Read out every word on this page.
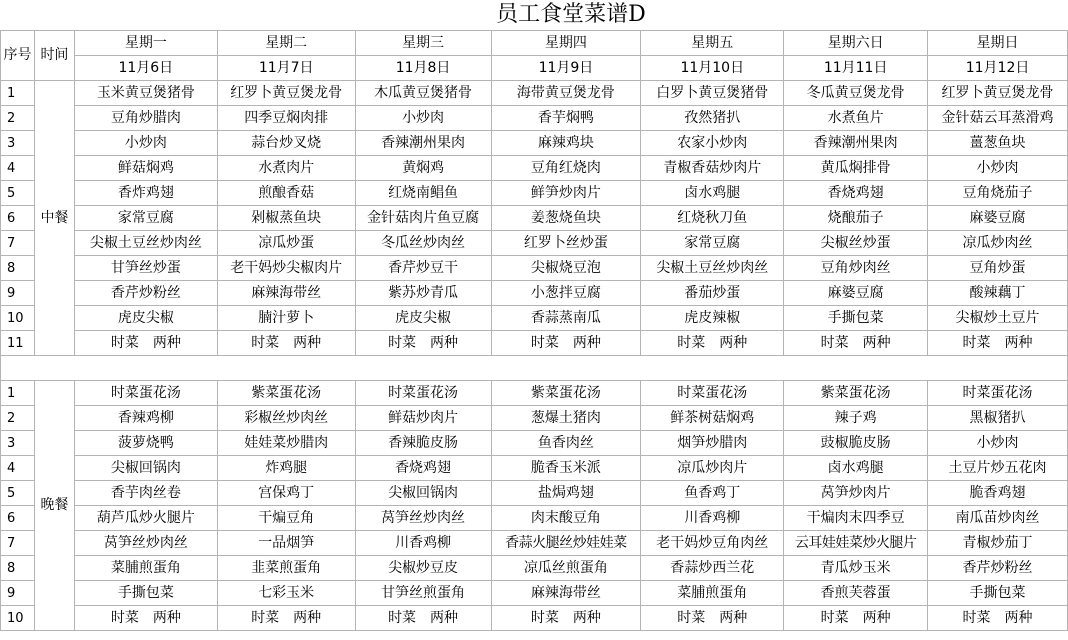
员工食堂菜谱D
序号	时间	星期一	星期二	星期三	星期四	星期五	星期六日	星期日
		11月6日	11月7日	11月8日	11月9日	11月10日	11月11日	11月12日
1	中餐	玉米黄豆煲猪骨	红罗卜黄豆煲龙骨	木瓜黄豆煲猪骨	海带黄豆煲龙骨	白罗卜黄豆煲猪骨	冬瓜黄豆煲龙骨	红罗卜黄豆煲龙骨
2		豆角炒腊肉	四季豆焖肉排	小炒肉	香芋焖鸭	孜然猪扒	水煮鱼片	金针菇云耳蒸滑鸡
3		小炒肉	蒜台炒叉烧	香辣潮州果肉	麻辣鸡块	农家小炒肉	香辣潮州果肉	薑葱鱼块
4		鲜菇焖鸡	水煮肉片	黄焖鸡	豆角红烧肉	青椒香菇炒肉片	黄瓜焖排骨	小炒肉
5		香炸鸡翅	煎酿香菇	红烧南鲳鱼	鲜笋炒肉片	卤水鸡腿	香烧鸡翅	豆角烧茄子
6		家常豆腐	剁椒蒸鱼块	金针菇肉片鱼豆腐	姜葱烧鱼块	红烧秋刀鱼	烧酿茄子	麻婆豆腐
7		尖椒土豆丝炒肉丝	凉瓜炒蛋	冬瓜丝炒肉丝	红罗卜丝炒蛋	家常豆腐	尖椒丝炒蛋	凉瓜炒肉丝
8		甘笋丝炒蛋	老干妈炒尖椒肉片	香芹炒豆干	尖椒烧豆泡	尖椒土豆丝炒肉丝	豆角炒肉丝	豆角炒蛋
9		香芹炒粉丝	麻辣海带丝	紫苏炒青瓜	小葱拌豆腐	番茄炒蛋	麻婆豆腐	酸辣藕丁
10		虎皮尖椒	腩汁萝卜	虎皮尖椒	香蒜蒸南瓜	虎皮辣椒	手撕包菜	尖椒炒土豆片
11		时菜　两种	时菜　两种	时菜　两种	时菜　两种	时菜　两种	时菜　两种	时菜　两种

1	晚餐	时菜蛋花汤	紫菜蛋花汤	时菜蛋花汤	紫菜蛋花汤	时菜蛋花汤	紫菜蛋花汤	时菜蛋花汤
2		香辣鸡柳	彩椒丝炒肉丝	鲜菇炒肉片	葱爆土猪肉	鲜茶树菇焖鸡	辣子鸡	黑椒猪扒
3		菠萝烧鸭	娃娃菜炒腊肉	香辣脆皮肠	鱼香肉丝	烟笋炒腊肉	豉椒脆皮肠	小炒肉
4		尖椒回锅肉	炸鸡腿	香烧鸡翅	脆香玉米派	凉瓜炒肉片	卤水鸡腿	土豆片炒五花肉
5		香芋肉丝卷	宫保鸡丁	尖椒回锅肉	盐焗鸡翅	鱼香鸡丁	莴笋炒肉片	脆香鸡翅
6		葫芦瓜炒火腿片	干煸豆角	莴笋丝炒肉丝	肉末酸豆角	川香鸡柳	干煸肉末四季豆	南瓜苗炒肉丝
7		莴笋丝炒肉丝	一品烟笋	川香鸡柳	香蒜火腿丝炒娃娃菜	老干妈炒豆角肉丝	云耳娃娃菜炒火腿片	青椒炒茄丁
8		菜脯煎蛋角	韭菜煎蛋角	尖椒炒豆皮	凉瓜丝煎蛋角	香蒜炒西兰花	青瓜炒玉米	香芹炒粉丝
9		手撕包菜	七彩玉米	甘笋丝煎蛋角	麻辣海带丝	菜脯煎蛋角	香煎芙蓉蛋	手撕包菜
10		时菜　两种	时菜　两种	时菜　两种	时菜　两种	时菜　两种	时菜　两种	时菜　两种
